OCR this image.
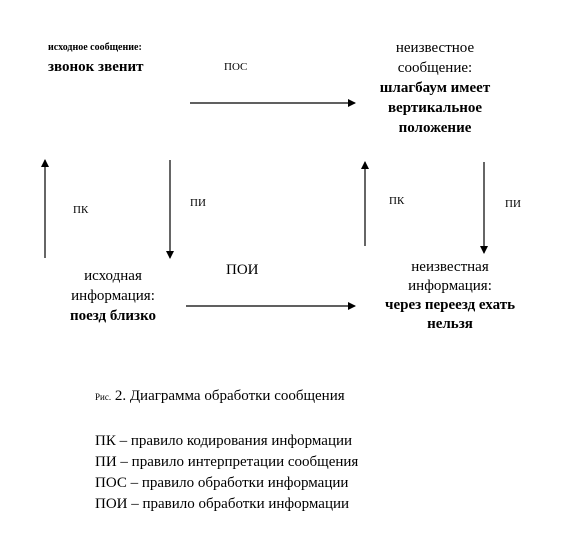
исходное сообщение:
звонок звенит	ПОС
неизвестное
сообщение:
шлагбаум имеет
вертикальное
положение
ПК
ПИ	ПК	ПИ
ПОИ
исходная
информация:
поезд близко
неизвестная
информация:
через переезд ехать
нельзя
Рис. 2. Диаграмма обработки сообщения
ПК – правило кодирования информации
ПИ – правило интерпретации сообщения
ПОС – правило обработки информации
ПОИ – правило обработки информации
